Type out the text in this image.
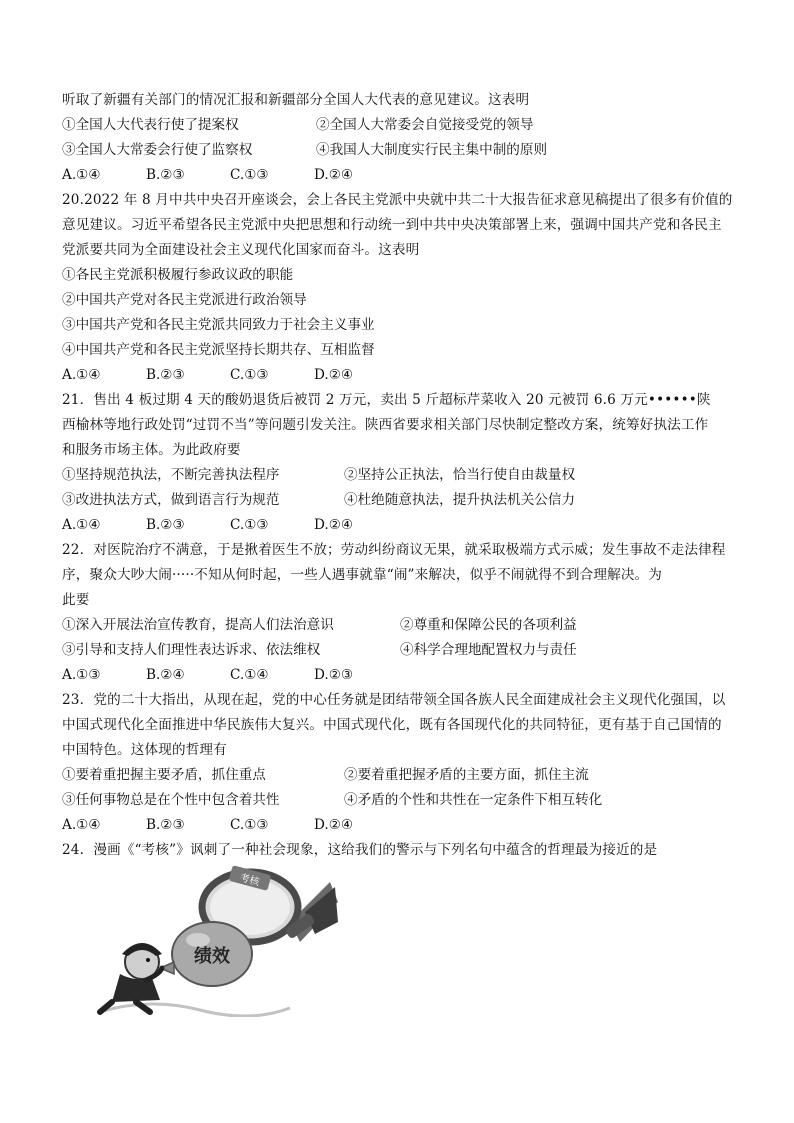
听取了新疆有关部门的情况汇报和新疆部分全国人大代表的意见建议。这表明
①全国人大代表行使了提案权	②全国人大常委会自觉接受党的领导
③全国人大常委会行使了监察权	④我国人大制度实行民主集中制的原则
A.①④	B.②③	C.①③	D.②④
20.2022 年 8 月中共中央召开座谈会，会上各民主党派中央就中共二十大报告征求意见稿提出了很多有价值的
意见建议。习近平希望各民主党派中央把思想和行动统一到中共中央决策部署上来，强调中国共产党和各民主
党派要共同为全面建设社会主义现代化国家而奋斗。这表明
①各民主党派积极履行参政议政的职能
②中国共产党对各民主党派进行政治领导
③中国共产党和各民主党派共同致力于社会主义事业
④中国共产党和各民主党派坚持长期共存、互相监督
A.①④	B.②③	C.①③	D.②④
21．售出 4 板过期 4 天的酸奶退货后被罚 2 万元，卖出 5 斤超标芹菜收入 20 元被罚 6.6 万元••••••陕
西榆林等地行政处罚“过罚不当”等问题引发关注。陕西省要求相关部门尽快制定整改方案，统筹好执法工作
和服务市场主体。为此政府要
①坚持规范执法，不断完善执法程序	②坚持公正执法，恰当行使自由裁量权
③改进执法方式，做到语言行为规范	④杜绝随意执法，提升执法机关公信力
A.①④	B.②③	C.①③	D.②④
22．对医院治疗不满意，于是揪着医生不放；劳动纠纷商议无果，就采取极端方式示威；发生事故不走法律程
序，聚众大吵大闹·····不知从何时起，一些人遇事就靠“闹”来解决，似乎不闹就得不到合理解决。为
此要
①深入开展法治宣传教育，提高人们法治意识	②尊重和保障公民的各项利益
③引导和支持人们理性表达诉求、依法维权	④科学合理地配置权力与责任
A.①③	B.②④	C.①④	D.②③
23．党的二十大指出，从现在起，党的中心任务就是团结带领全国各族人民全面建成社会主义现代化强国，以
中国式现代化全面推进中华民族伟大复兴。中国式现代化，既有各国现代化的共同特征，更有基于自己国情的
中国特色。这体现的哲理有
①要着重把握主要矛盾，抓住重点	②要着重把握矛盾的主要方面，抓住主流
③任何事物总是在个性中包含着共性	④矛盾的个性和共性在一定条件下相互转化
A.①④	B.②③	C.①③	D.②④
24．漫画《“考核”》讽刺了一种社会现象，这给我们的警示与下列名句中蕴含的哲理最为接近的是
考核
绩效
